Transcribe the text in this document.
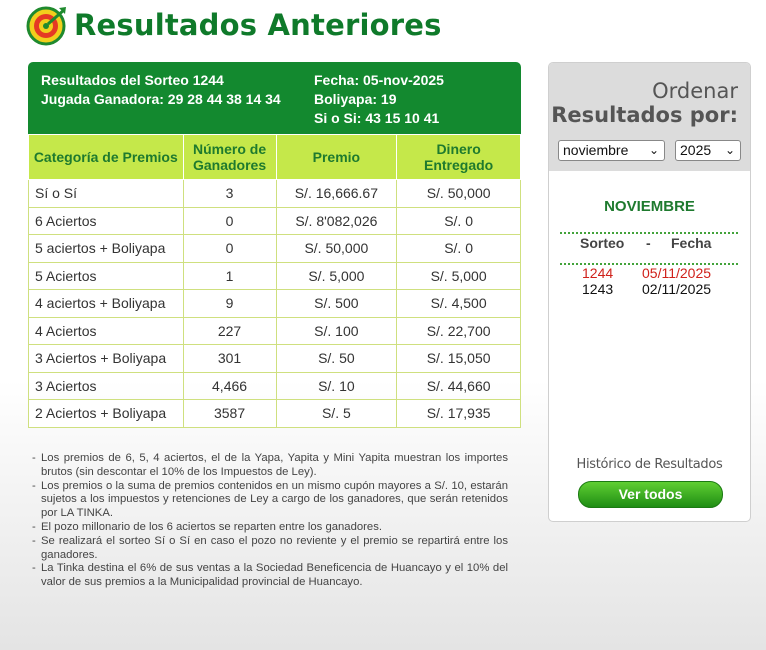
Resultados Anteriores
Resultados del Sorteo 1244
Jugada Ganadora: 29 28 44 38 14 34
Fecha: 05-nov-2025
Boliyapa: 19
Si o Si: 43 15 10 41
Categoría de Premios	Número de Ganadores	Premio	Dinero Entregado
Sí o Sí	3	S/. 16,666.67	S/. 50,000
6 Aciertos	0	S/. 8'082,026	S/. 0
5 aciertos + Boliyapa	0	S/. 50,000	S/. 0
5 Aciertos	1	S/. 5,000	S/. 5,000
4 aciertos + Boliyapa	9	S/. 500	S/. 4,500
4 Aciertos	227	S/. 100	S/. 22,700
3 Aciertos + Boliyapa	301	S/. 50	S/. 15,050
3 Aciertos	4,466	S/. 10	S/. 44,660
2 Aciertos + Boliyapa	3587	S/. 5	S/. 17,935
- Los premios de 6, 5, 4 aciertos, el de la Yapa, Yapita y Mini Yapita muestran los importes brutos (sin descontar el 10% de los Impuestos de Ley).
- Los premios o la suma de premios contenidos en un mismo cupón mayores a S/. 10, estarán sujetos a los impuestos y retenciones de Ley a cargo de los ganadores, que serán retenidos por LA TINKA.
- El pozo millonario de los 6 aciertos se reparten entre los ganadores.
- Se realizará el sorteo Sí o Sí en caso el pozo no reviente y el premio se repartirá entre los ganadores.
- La Tinka destina el 6% de sus ventas a la Sociedad Beneficencia de Huancayo y el 10% del valor de sus premios a la Municipalidad provincial de Huancayo.
Ordenar
Resultados por:
noviembre ⌄	2025 ⌄
NOVIEMBRE
Sorteo - Fecha
1244 05/11/2025
1243 02/11/2025
Histórico de Resultados
Ver todos
